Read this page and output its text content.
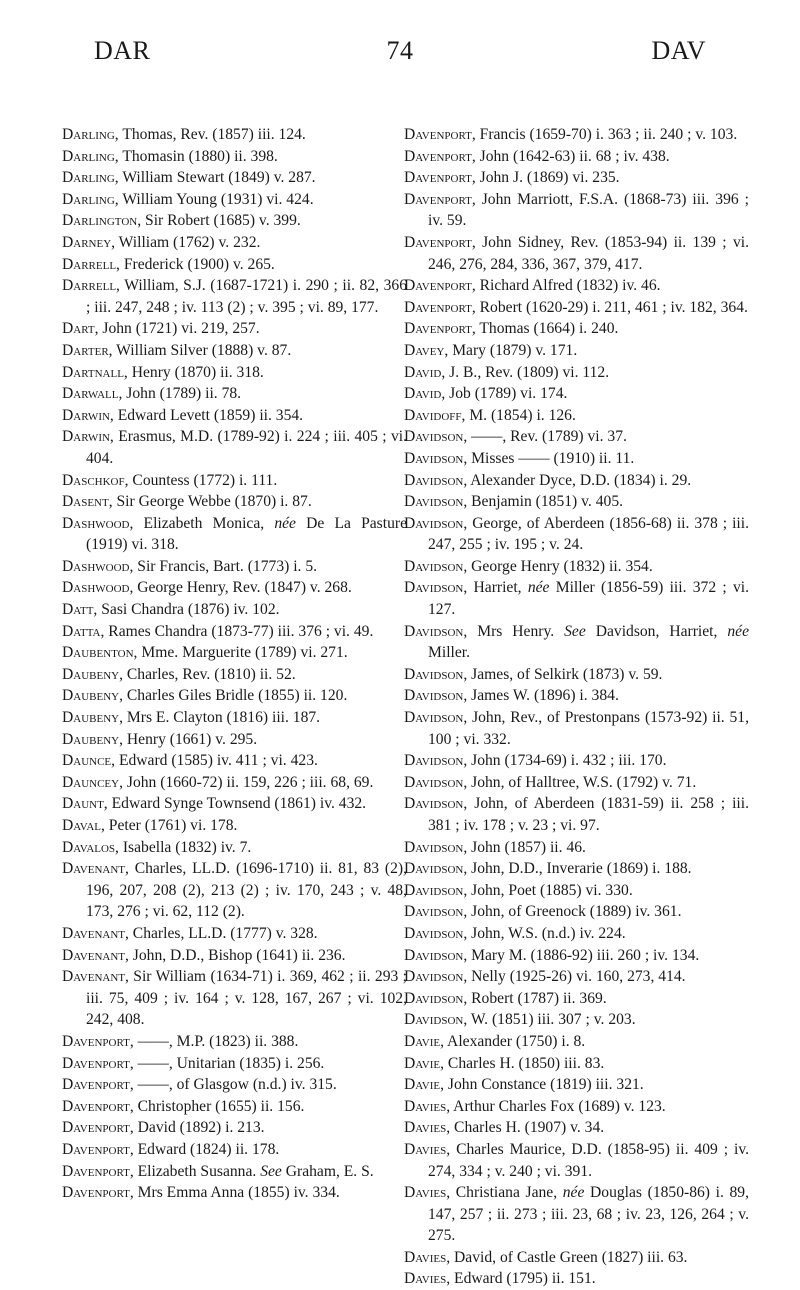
DAR	74	DAV
Darling, Thomas, Rev. (1857) iii. 124.
Darling, Thomasin (1880) ii. 398.
Darling, William Stewart (1849) v. 287.
Darling, William Young (1931) vi. 424.
Darlington, Sir Robert (1685) v. 399.
Darney, William (1762) v. 232.
Darrell, Frederick (1900) v. 265.
Darrell, William, S.J. (1687-1721) i. 290 ; ii. 82, 366 ; iii. 247, 248 ; iv. 113 (2) ; v. 395 ; vi. 89, 177.
Dart, John (1721) vi. 219, 257.
Darter, William Silver (1888) v. 87.
Dartnall, Henry (1870) ii. 318.
Darwall, John (1789) ii. 78.
Darwin, Edward Levett (1859) ii. 354.
Darwin, Erasmus, M.D. (1789-92) i. 224 ; iii. 405 ; vi. 404.
Daschkof, Countess (1772) i. 111.
Dasent, Sir George Webbe (1870) i. 87.
Dashwood, Elizabeth Monica, née De La Pasture (1919) vi. 318.
Dashwood, Sir Francis, Bart. (1773) i. 5.
Dashwood, George Henry, Rev. (1847) v. 268.
Datt, Sasi Chandra (1876) iv. 102.
Datta, Rames Chandra (1873-77) iii. 376 ; vi. 49.
Daubenton, Mme. Marguerite (1789) vi. 271.
Daubeny, Charles, Rev. (1810) ii. 52.
Daubeny, Charles Giles Bridle (1855) ii. 120.
Daubeny, Mrs E. Clayton (1816) iii. 187.
Daubeny, Henry (1661) v. 295.
Daunce, Edward (1585) iv. 411 ; vi. 423.
Dauncey, John (1660-72) ii. 159, 226 ; iii. 68, 69.
Daunt, Edward Synge Townsend (1861) iv. 432.
Daval, Peter (1761) vi. 178.
Davalos, Isabella (1832) iv. 7.
Davenant, Charles, LL.D. (1696-1710) ii. 81, 83 (2), 196, 207, 208 (2), 213 (2) ; iv. 170, 243 ; v. 48, 173, 276 ; vi. 62, 112 (2).
Davenant, Charles, LL.D. (1777) v. 328.
Davenant, John, D.D., Bishop (1641) ii. 236.
Davenant, Sir William (1634-71) i. 369, 462 ; ii. 293 ; iii. 75, 409 ; iv. 164 ; v. 128, 167, 267 ; vi. 102, 242, 408.
Davenport, ——, M.P. (1823) ii. 388.
Davenport, ——, Unitarian (1835) i. 256.
Davenport, ——, of Glasgow (n.d.) iv. 315.
Davenport, Christopher (1655) ii. 156.
Davenport, David (1892) i. 213.
Davenport, Edward (1824) ii. 178.
Davenport, Elizabeth Susanna. See Graham, E. S.
Davenport, Mrs Emma Anna (1855) iv. 334.
Davenport, Francis (1659-70) i. 363 ; ii. 240 ; v. 103.
Davenport, John (1642-63) ii. 68 ; iv. 438.
Davenport, John J. (1869) vi. 235.
Davenport, John Marriott, F.S.A. (1868-73) iii. 396 ; iv. 59.
Davenport, John Sidney, Rev. (1853-94) ii. 139 ; vi. 246, 276, 284, 336, 367, 379, 417.
Davenport, Richard Alfred (1832) iv. 46.
Davenport, Robert (1620-29) i. 211, 461 ; iv. 182, 364.
Davenport, Thomas (1664) i. 240.
Davey, Mary (1879) v. 171.
David, J. B., Rev. (1809) vi. 112.
David, Job (1789) vi. 174.
Davidoff, M. (1854) i. 126.
Davidson, ——, Rev. (1789) vi. 37.
Davidson, Misses —— (1910) ii. 11.
Davidson, Alexander Dyce, D.D. (1834) i. 29.
Davidson, Benjamin (1851) v. 405.
Davidson, George, of Aberdeen (1856-68) ii. 378 ; iii. 247, 255 ; iv. 195 ; v. 24.
Davidson, George Henry (1832) ii. 354.
Davidson, Harriet, née Miller (1856-59) iii. 372 ; vi. 127.
Davidson, Mrs Henry. See Davidson, Harriet, née Miller.
Davidson, James, of Selkirk (1873) v. 59.
Davidson, James W. (1896) i. 384.
Davidson, John, Rev., of Prestonpans (1573-92) ii. 51, 100 ; vi. 332.
Davidson, John (1734-69) i. 432 ; iii. 170.
Davidson, John, of Halltree, W.S. (1792) v. 71.
Davidson, John, of Aberdeen (1831-59) ii. 258 ; iii. 381 ; iv. 178 ; v. 23 ; vi. 97.
Davidson, John (1857) ii. 46.
Davidson, John, D.D., Inverarie (1869) i. 188.
Davidson, John, Poet (1885) vi. 330.
Davidson, John, of Greenock (1889) iv. 361.
Davidson, John, W.S. (n.d.) iv. 224.
Davidson, Mary M. (1886-92) iii. 260 ; iv. 134.
Davidson, Nelly (1925-26) vi. 160, 273, 414.
Davidson, Robert (1787) ii. 369.
Davidson, W. (1851) iii. 307 ; v. 203.
Davie, Alexander (1750) i. 8.
Davie, Charles H. (1850) iii. 83.
Davie, John Constance (1819) iii. 321.
Davies, Arthur Charles Fox (1689) v. 123.
Davies, Charles H. (1907) v. 34.
Davies, Charles Maurice, D.D. (1858-95) ii. 409 ; iv. 274, 334 ; v. 240 ; vi. 391.
Davies, Christiana Jane, née Douglas (1850-86) i. 89, 147, 257 ; ii. 273 ; iii. 23, 68 ; iv. 23, 126, 264 ; v. 275.
Davies, David, of Castle Green (1827) iii. 63.
Davies, Edward (1795) ii. 151.
